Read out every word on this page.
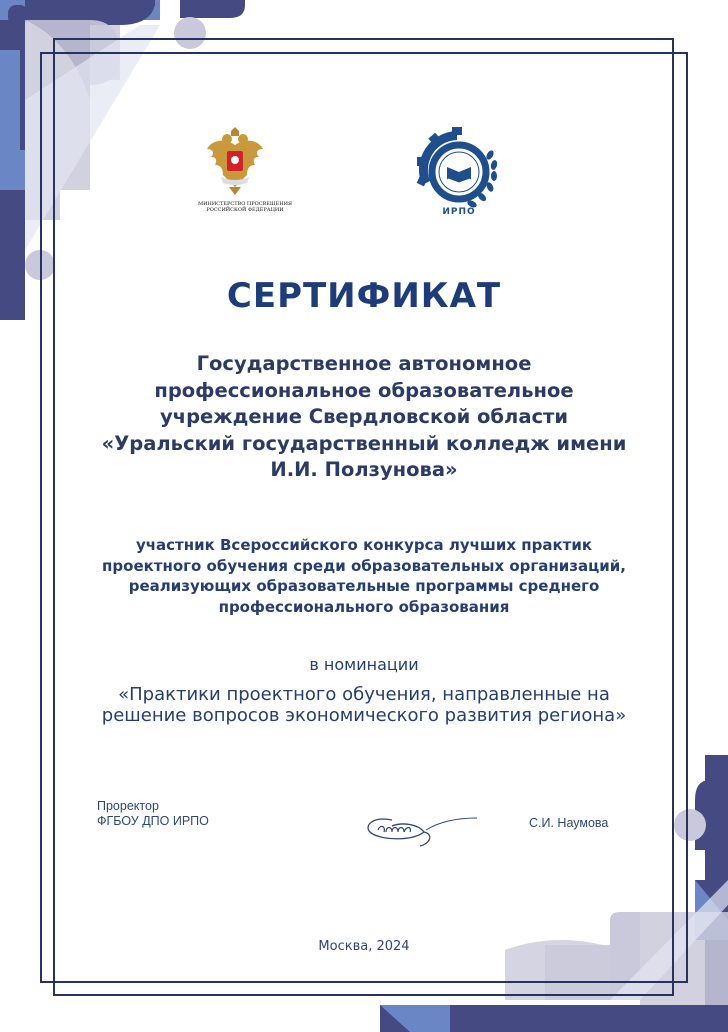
МИНИСТЕРСТВО ПРОСВЕЩЕНИЯ
РОССИЙСКОЙ ФЕДЕРАЦИИ	ИРПО
СЕРТИФИКАТ
Государственное автономное
профессиональное образовательное
учреждение Свердловской области
«Уральский государственный колледж имени
И.И. Ползунова»
участник Всероссийского конкурса лучших практик
проектного обучения среди образовательных организаций,
реализующих образовательные программы среднего
профессионального образования
в номинации
«Практики проектного обучения, направленные на
решение вопросов экономического развития региона»
Проректор
ФГБОУ ДПО ИРПО	С.И. Наумова
Москва, 2024
